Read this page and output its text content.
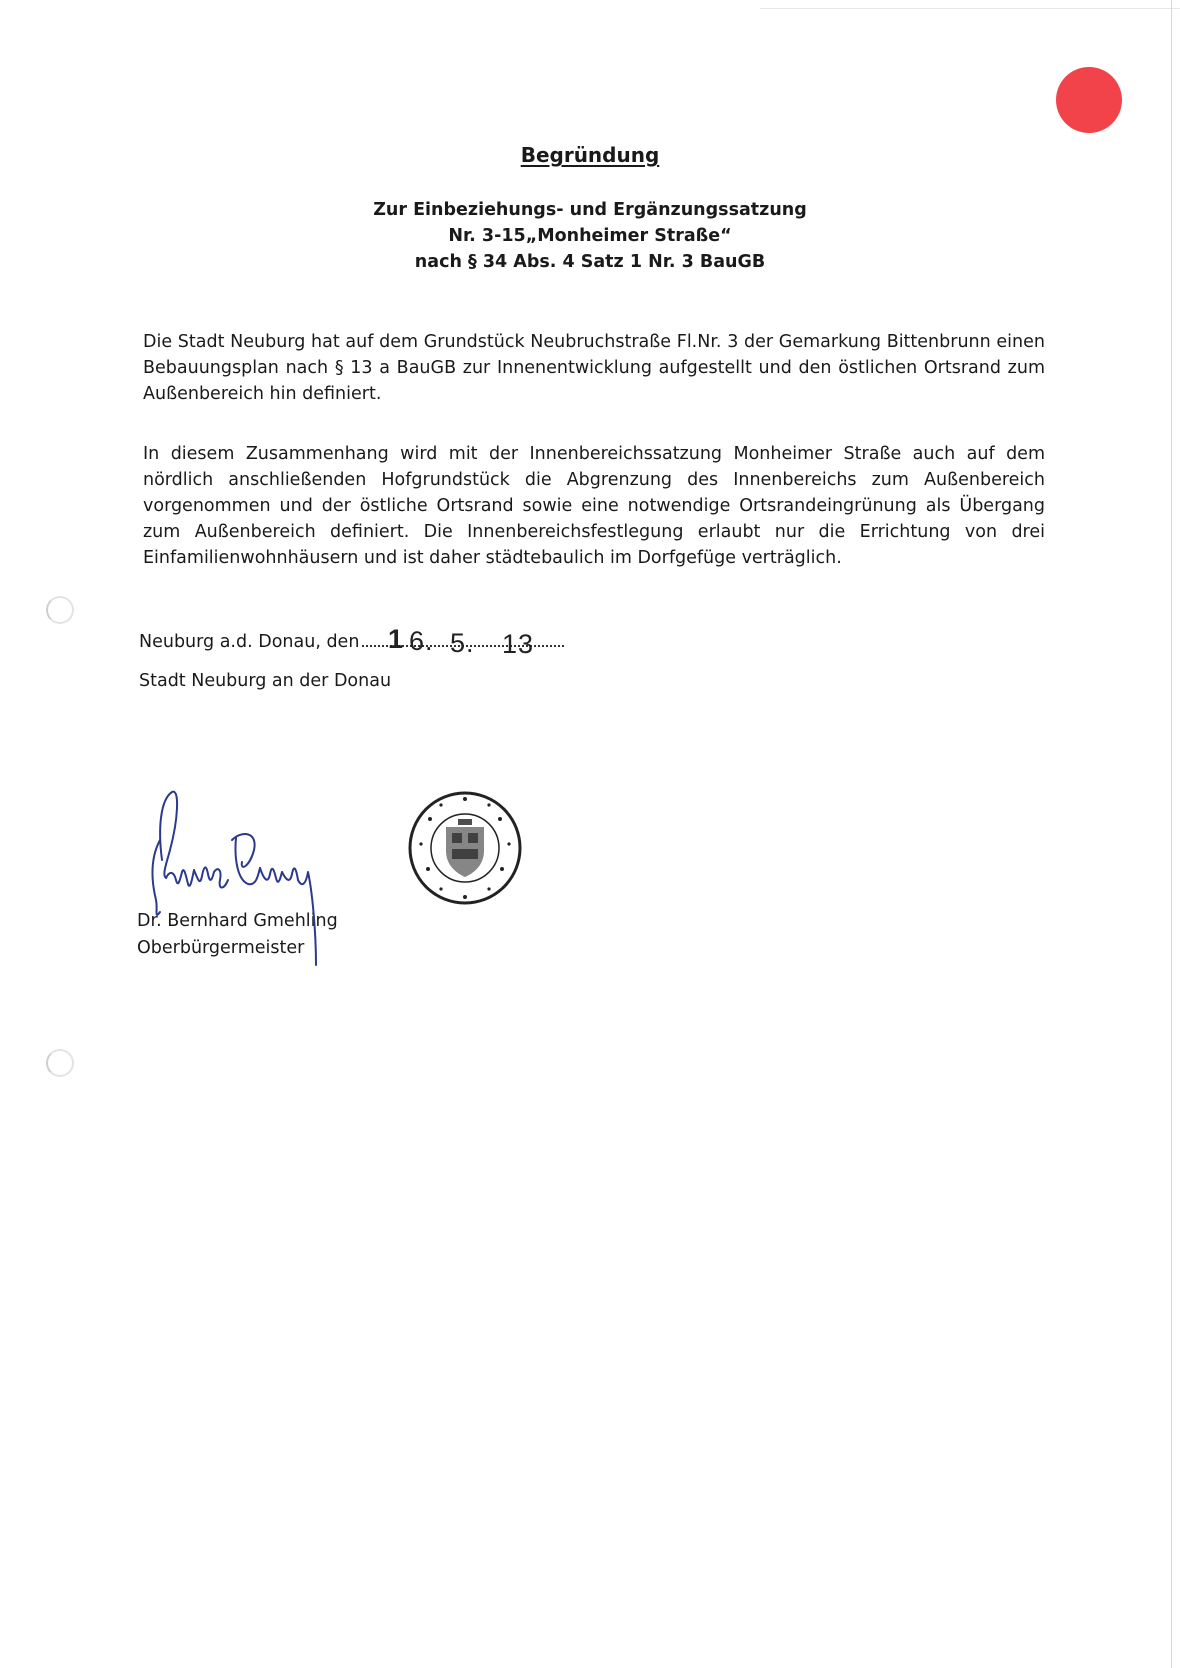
Begründung
Zur Einbeziehungs- und Ergänzungssatzung
Nr. 3-15„Monheimer Straße“
nach § 34 Abs. 4 Satz 1 Nr. 3 BauGB
Die Stadt Neuburg hat auf dem Grundstück Neubruchstraße Fl.Nr. 3 der Gemarkung Bittenbrunn einen Bebauungsplan nach § 13 a BauGB zur Innenentwicklung aufgestellt und den östlichen Ortsrand zum Außenbereich hin definiert.
In diesem Zusammenhang wird mit der Innenbereichssatzung Monheimer Straße auch auf dem nördlich anschließenden Hofgrundstück die Abgrenzung des Innenbereichs zum Außenbereich vorgenommen und der östliche Ortsrand sowie eine notwendige Ortsrandeingrünung als Übergang zum Außenbereich definiert. Die Innenbereichsfestlegung erlaubt nur die Errichtung von drei Einfamilienwohnhäusern und ist daher städtebaulich im Dorfgefüge verträglich.
Neuburg a.d. Donau, den	1 6. 5. 13
Stadt Neuburg an der Donau
Dr. Bernhard Gmehling
Oberbürgermeister
